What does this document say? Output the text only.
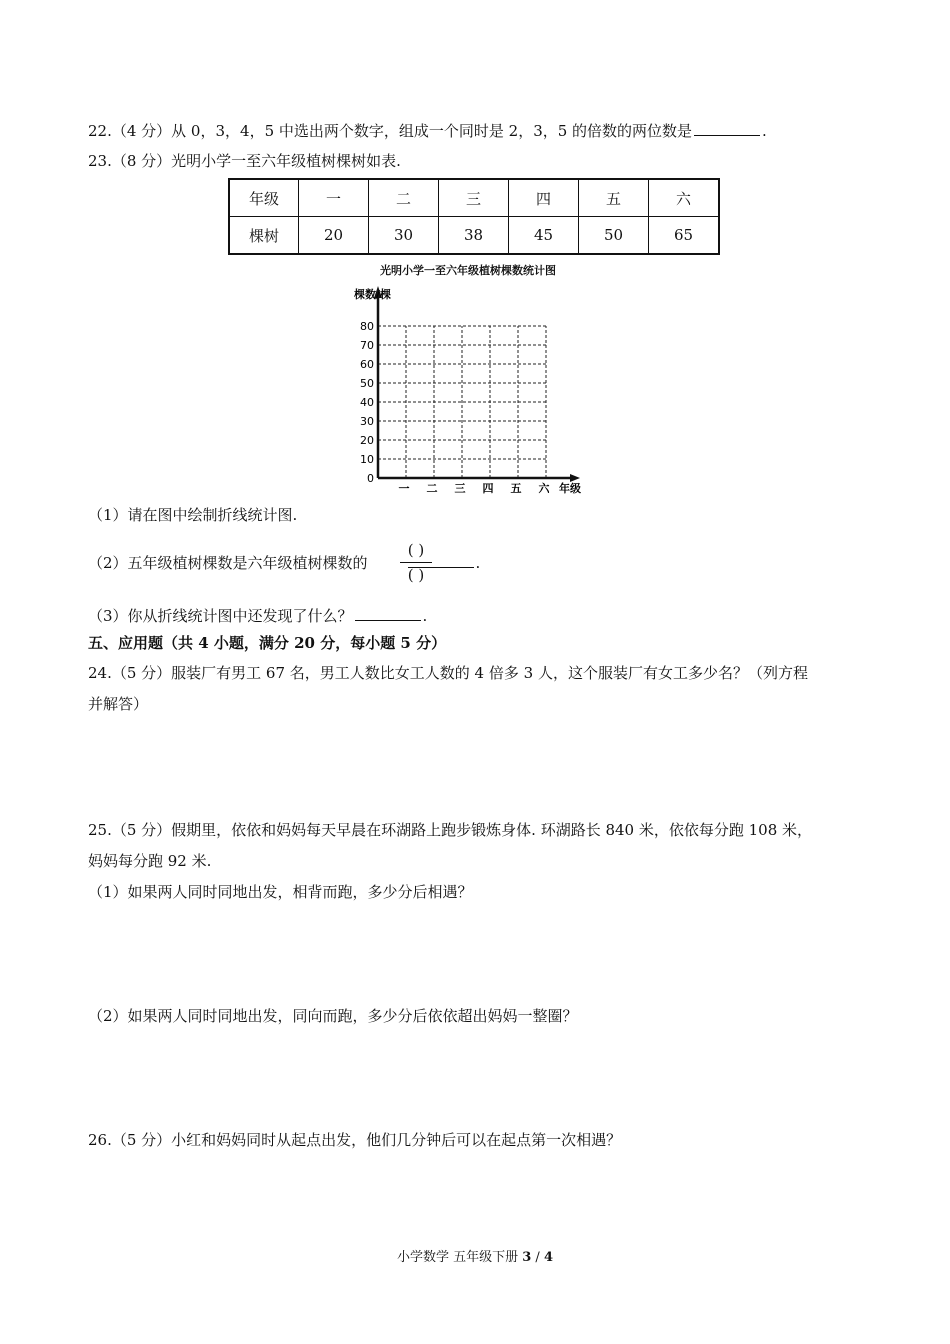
22.（4 分）从 0，3，4，5 中选出两个数字，组成一个同时是 2，3，5 的倍数的两位数是	.
23.（8 分）光明小学一至六年级植树棵树如表.
年级	一	二	三	四	五	六
棵树	20	30	38	45	50	65
光明小学一至六年级植树棵数统计图
0
10
20
30
40
50
60
70
80
一 二 三 四 五 六 年级
棵数/棵
（1）请在图中绘制折线统计图.
（2）五年级植树棵数是六年级植树棵数的	.
( )
( )
（3）你从折线统计图中还发现了什么？	.
五、应用题（共 4 小题，满分 20 分，每小题 5 分）
24.（5 分）服装厂有男工 67 名，男工人数比女工人数的 4 倍多 3 人，这个服装厂有女工多少名？（列方程
并解答）
25.（5 分）假期里，依依和妈妈每天早晨在环湖路上跑步锻炼身体. 环湖路长 840 米，依依每分跑 108 米，
妈妈每分跑 92 米.
（1）如果两人同时同地出发，相背而跑，多少分后相遇？
（2）如果两人同时同地出发，同向而跑，多少分后依依超出妈妈一整圈？
26.（5 分）小红和妈妈同时从起点出发，他们几分钟后可以在起点第一次相遇？
小学数学 五年级下册 3 / 4
